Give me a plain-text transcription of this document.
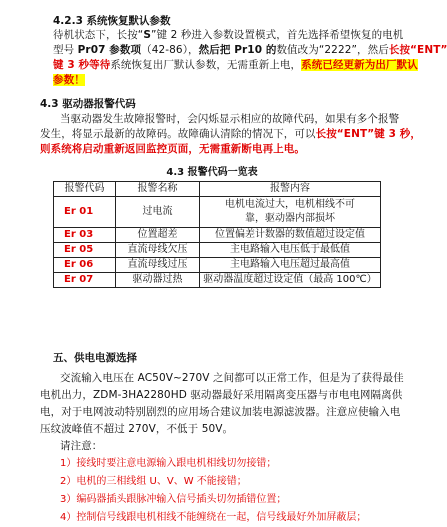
4.2.3 系统恢复默认参数
待机状态下，长按“S”键 2 秒进入参数设置模式，首先选择希望恢复的电机
型号 Pr07 参数项（42-86），然后把 Pr10 的数值改为“2222”，然后长按“ENT”
键 3 秒等待系统恢复出厂默认参数，无需重新上电，系统已经更新为出厂默认
参数！
4.3 驱动器报警代码
当驱动器发生故障报警时，会闪烁显示相应的故障代码，如果有多个报警
发生，将显示最新的故障码。故障确认清除的情况下，可以长按“ENT”键 3 秒，
则系统将启动重新返回监控页面，无需重新断电再上电。
4.3 报警代码一览表
报警代码	报警名称	报警内容
Er 01	过电流	电机电流过大，电机相线不可靠，驱动器内部损坏
Er 03	位置超差	位置偏差计数器的数值超过设定值
Er 05	直流母线欠压	主电路输入电压低于最低值
Er 06	直流母线过压	主电路输入电压超过最高值
Er 07	驱动器过热	驱动器温度超过设定值（最高 100℃）
五、供电电源选择
交流输入电压在 AC50V~270V 之间都可以正常工作，但是为了获得最佳
电机出力，ZDM-3HA2280HD 驱动器最好采用隔离变压器与市电电网隔离供
电，对于电网波动特别剧烈的应用场合建议加装电源滤波器。注意应使输入电
压纹波峰值不超过 270V，不低于 50V。
请注意：
1）接线时要注意电源输入跟电机相线切勿接错；
2）电机的三相线组 U、V、W 不能接错；
3）编码器插头跟脉冲输入信号插头切勿插错位置；
4）控制信号线跟电机相线不能缠绕在一起，信号线最好外加屏蔽层；
